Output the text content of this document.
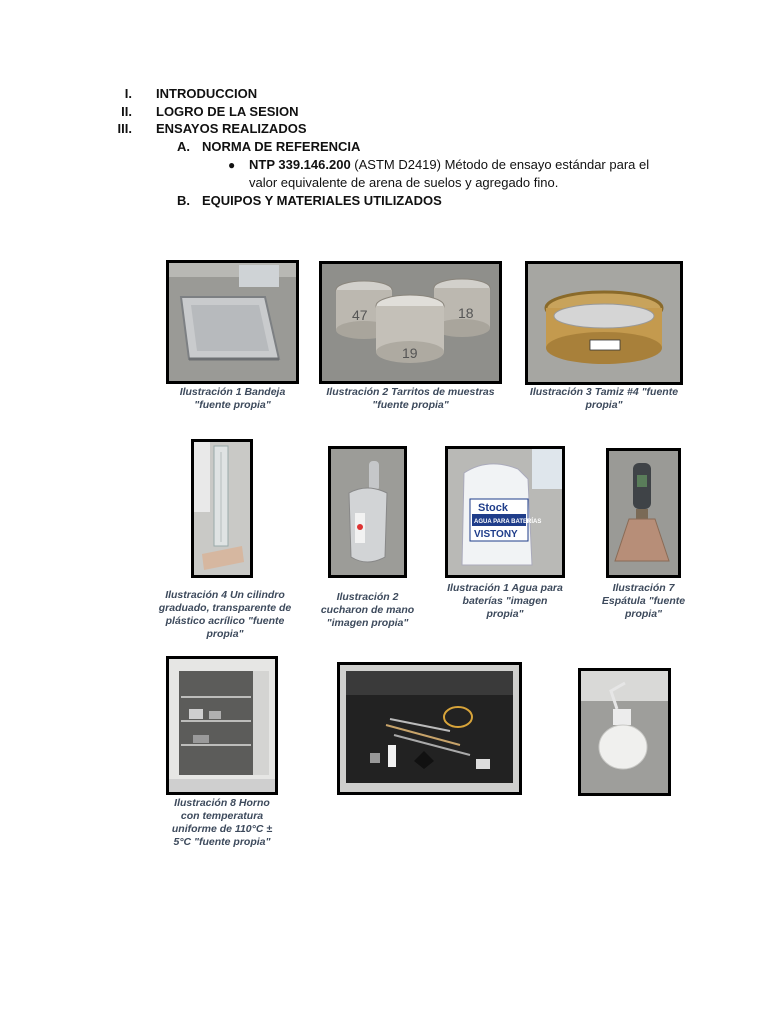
I. INTRODUCCION
II. LOGRO DE LA SESION
III. ENSAYOS REALIZADOS
A. NORMA DE REFERENCIA
● NTP 339.146.200 (ASTM D2419) Método de ensayo estándar para el
valor equivalente de arena de suelos y agregado fino.
B. EQUIPOS Y MATERIALES UTILIZADOS
Ilustración 1 Bandeja
"fuente propia"
47	18
19
Ilustración 2 Tarritos de muestras
"fuente propia"
Ilustración 3 Tamiz #4 "fuente
propia"
Ilustración 4 Un cilindro
graduado, transparente de
plástico acrílico "fuente propia"
Ilustración 2
cucharon de mano
"imagen propia"
Stock
AGUA PARA BATERÍAS
VISTONY
Ilustración 1 Agua para
baterías "imagen
propia"
Ilustración 7
Espátula "fuente
propia"
Ilustración 8 Horno
con temperatura
uniforme de 110°C ±
5°C "fuente propia"
